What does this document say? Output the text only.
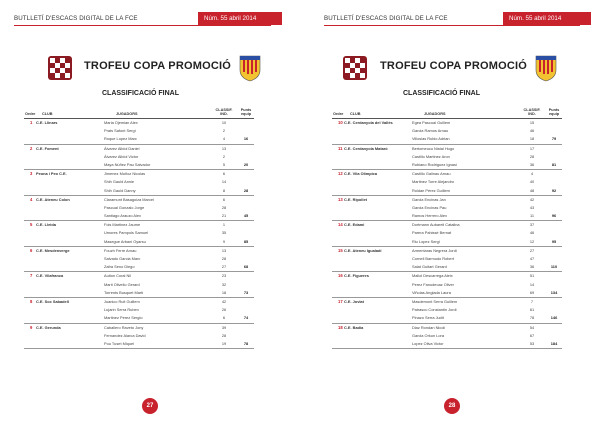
BUTLLETÍ D'ESCACS DIGITAL DE LA FCE	Núm. 55 abril 2014
TROFEU COPA PROMOCIÓ
CLASSIFICACIÓ FINAL
Ordre CLUB	JUGADORS
CLASSIF. IND.
Punts equip
1 C.E. Llinars	Maria Ojemian Alex	10
Prats Safont Sergi	2
Roque Lopez Marc	4	16
2 C.E. Foment	Álvarez Albiol Daniel	13
Álvarez Albiol Victor	2
Maya Núñez Pau Salvador	5	20
3 Peona i Peo C.E.	Jimenez Muñoz Nicolas	6
Shih Gauld Annie	14
Shih Gauld Danny	8	28
4 C.E. Ateneu Colon	Claramunt Basagoiza Marcel	6
Pascual Gonzalo Jorge	28
Santiago Arauzo Alex	21	45
5 C.E. Lleida	Fois Martinez Jaume	1
Umores Pampols Samuel	35
Masegue Arbani Oyarsu	9	85
6 C.E. Mesdenverge	Fouzh Ferre Arnau	13
Salvado Garcia Marc	28
Zafra Seno Diego	27	68
7 C.E. Vilafranca	Aulton Coral Nil	23
Marti Oliveilo Gerard	32
Torrents Busquet Marti	18	73
8 C.E. Soc Sabadell	Juanico Ruit Guillem	42
Lujarin Serra Ruben	26
Martinez Perez Sergio	6	74
9 C.E. Gerunda	Caballero Raveto Jony	39
Fernandez Alarca David	28
Pou Tuset Miquel	19	78
27
BUTLLETÍ D'ESCACS DIGITAL DE LA FCE	Núm. 55 abril 2014
TROFEU COPA PROMOCIÓ
CLASSIFICACIÓ FINAL
Ordre CLUB	JUGADORS
CLASSIF. IND.
Punts equip
10 C.E. Cerdanyola del Vallès	Egea Pascual Guillem	15
Garcia Ramos Arnau	46
Villoslas Rubio Adrian	18	79
11 C.E. Cerdanyola Mataró	Bertomeuco Nistal Hugo	17
Castillo Martinez Aron	28
Rubiano Rodriguez Ignasi	36	81
12 C.E. Vila Olímpica	Castillo Galinau Arnau	4
Martinez Torre Alejandro	40
Roldan Pérez Guillem	48	92
13 C.E. Ripollet	Garcia Encinas Jan	42
Garcia Encinas Pau	43
Ramos Herrero Alex	11	96
14 C.E. Edami	Dortmann Aubareli Catalina	37
Parera Pahissé Bernat	46
Riu Lopez Sergi	12	95
15 C.E. Ateneu Igualadí	Armentaras Negrera Jordi	27
Cornell Barmudo Robert	47
Salat Guitart Gerard	36	110
16 C.E. Figueres	Mallol Descarrega Aleix	51
Perez Fanudeoaz Oliver	14
Viñolas Anglada Laura	69	134
17 C.E. Jovlat	Masdemont Serra Guillem	7
Patrascu Constantin Jordi	61
Pinazo Serra Judit	78	146
18 C.E. Badia	Diaz Rondan Nicolí	54
Garcia Orkun Lora	67
Lopez Oliva Victor	53	184
28
